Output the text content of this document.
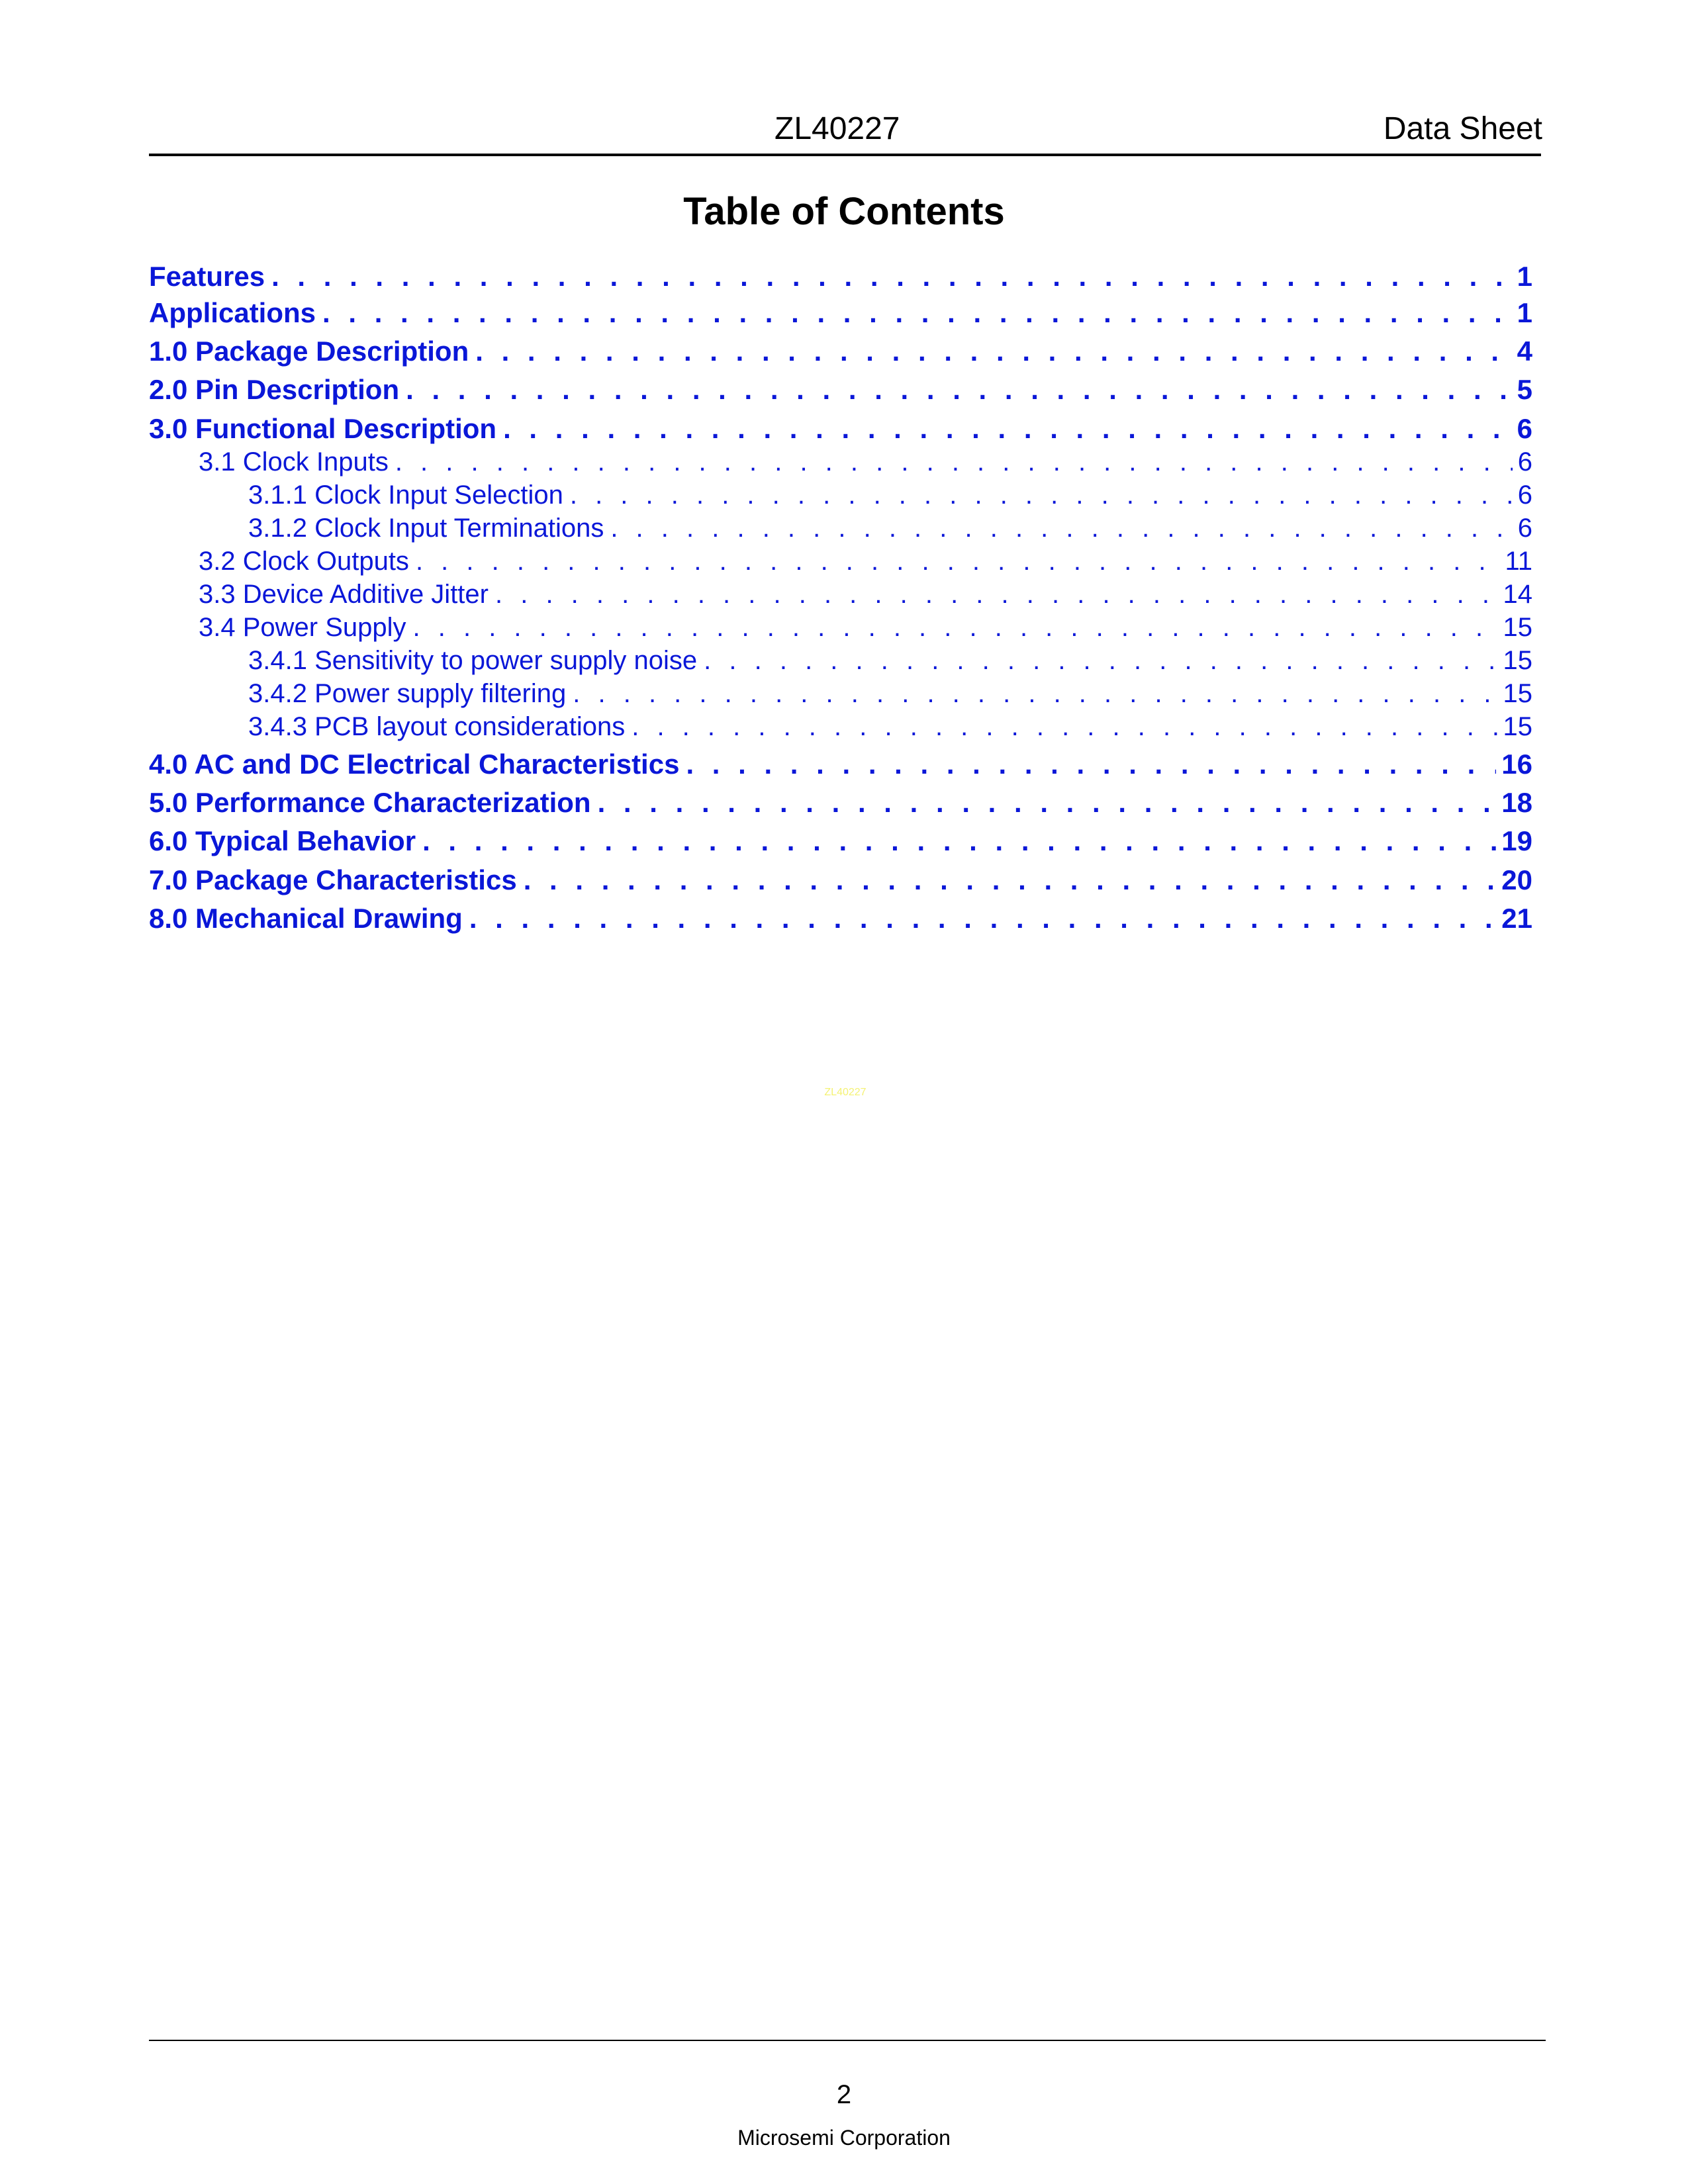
ZL40227	Data Sheet
Table of Contents
Features . . .	1
Applications . . .	1
1.0 Package Description . . .	4
2.0 Pin Description . . .	5
3.0 Functional Description . . .	6
3.1 Clock Inputs . . .	6
3.1.1 Clock Input Selection . . .	6
3.1.2 Clock Input Terminations . . .	6
3.2 Clock Outputs . . .	11
3.3 Device Additive Jitter . . .	14
3.4 Power Supply . . .	15
3.4.1 Sensitivity to power supply noise . . .	15
3.4.2 Power supply filtering . . .	15
3.4.3 PCB layout considerations . . .	15
4.0 AC and DC Electrical Characteristics . . .	16
5.0 Performance Characterization . . .	18
6.0 Typical Behavior . . .	19
7.0 Package Characteristics . . .	20
8.0 Mechanical Drawing . . .	21
ZL40227
2
Microsemi Corporation
